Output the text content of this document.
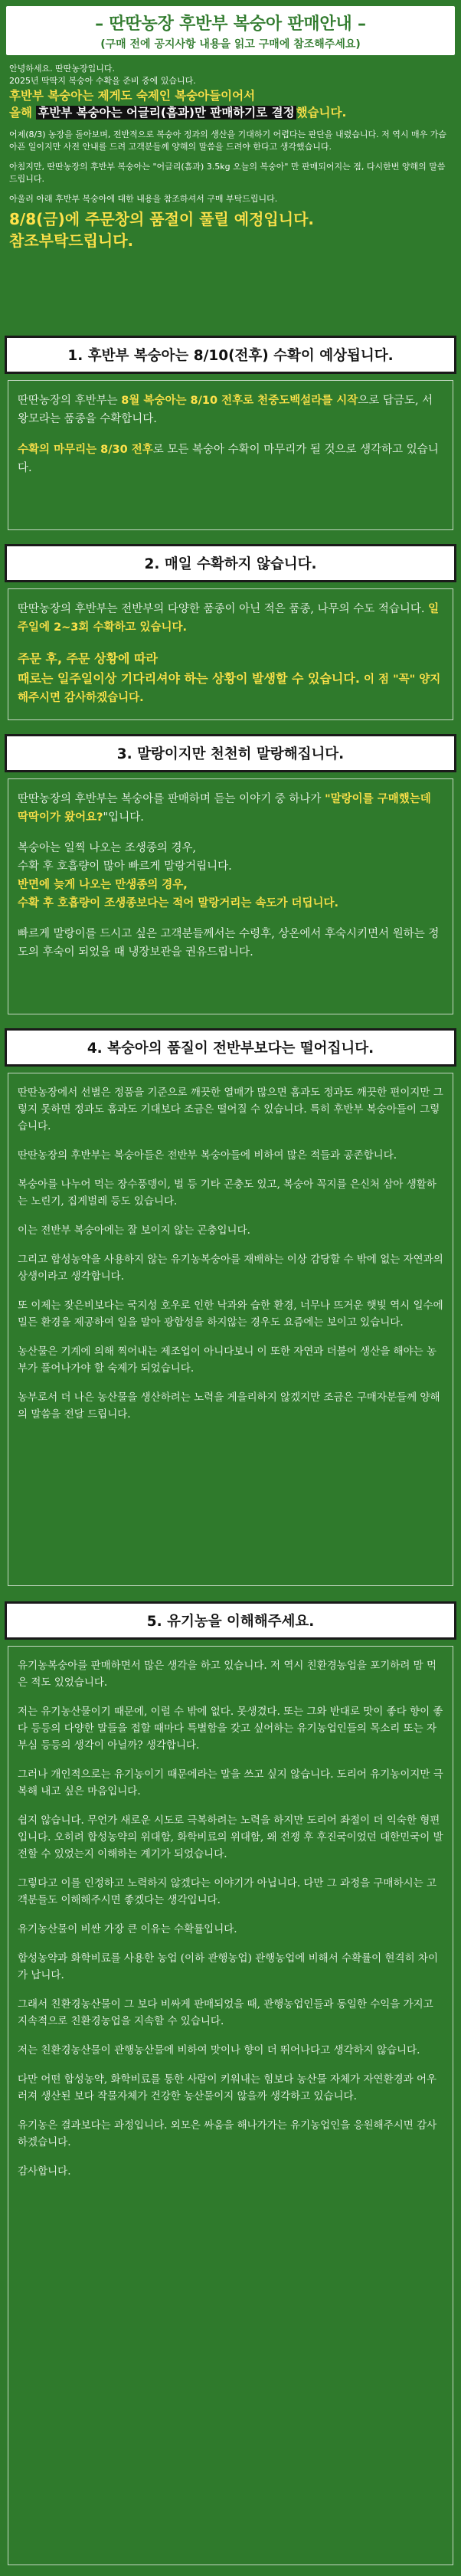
– 딴딴농장 후반부 복숭아 판매안내 –
(구매 전에 공지사항 내용을 읽고 구매에 참조해주세요)

안녕하세요. 딴딴농장입니다.

2025년 딱딱지 복숭아 수확을 준비 중에 있습니다.

후반부 복숭아는 제게도 숙제인 복숭아들이어서

올해 후반부 복숭아는 어글리(흠과)만 판매하기로 결정 했습니다.

어제(8/3) 농장을 돌아보며, 전반적으로 복숭아 정과의 생산을 기대하기 어렵다는 판단을 내렸습니다. 저 역시 매우 가슴 아픈 일이지만 사전 안내를 드려 고객분들께 양해의 말씀을 드려야 한다고 생각했습니다.

아침지만, 딴딴농장의 후반부 복숭아는 "어글리(흠과) 3.5kg 오늘의 복숭아" 만 판매되어지는 점, 다시한번 양해의 말씀드립니다.

아울러 아래 후반부 복숭아에 대한 내용을 참조하셔서 구매 부탁드립니다.

8/8(금)에 주문창의 품절이 풀릴 예정입니다.

참조부탁드립니다.

1. 후반부 복숭아는 8/10(전후) 수확이 예상됩니다.

딴딴농장의 후반부는 8월 복숭아는 8/10 전후로 천중도백설라를 시작으로 답금도, 서왕모라는 품종을 수확합니다.

수확의 마무리는 8/30 전후로 모든 복숭아 수확이 마무리가 될 것으로 생각하고 있습니다.

2. 매일 수확하지 않습니다.

딴딴농장의 후반부는 전반부의 다양한 품종이 아닌 적은 품종, 나무의 수도 적습니다. 일주일에 2~3회 수확하고 있습니다.

주문 후, 주문 상황에 따라
때로는 일주일이상 기다리셔야 하는 상황이 발생할 수 있습니다. 이 점 "꼭" 양지해주시면 감사하겠습니다.

3. 말랑이지만 천천히 말랑해집니다.

딴딴농장의 후반부는 복숭아를 판매하며 듣는 이야기 중 하나가 "말랑이를 구매했는데 딱딱이가 왔어요?"입니다.

복숭아는 일찍 나오는 조생종의 경우,
수확 후 호흡량이 많아 빠르게 말랑거립니다.
반면에 늦게 나오는 만생종의 경우,
수확 후 호흡량이 조생종보다는 적어 말랑거리는 속도가 더딥니다.

빠르게 말랑이를 드시고 싶은 고객분들께서는 수령후, 상온에서 후숙시키면서 원하는 정도의 후숙이 되었을 때 냉장보관을 권유드립니다.

4. 복숭아의 품질이 전반부보다는 떨어집니다.

딴딴농장에서 선별은 정품을 기준으로 깨끗한 열매가 많으면 흠과도 정과도 깨끗한 편이지만 그렇지 못하면 정과도 흠과도 기대보다 조금은 떨어질 수 있습니다. 특히 후반부 복숭아들이 그렇습니다.

딴딴농장의 후반부는 복숭아들은 전반부 복숭아들에 비하여 많은 적들과 공존합니다.

복숭아를 나누어 먹는 장수풍뎅이, 벌 등 기타 곤충도 있고, 복숭아 꼭지를 은신처 삼아 생활하는 노린기, 집게벌레 등도 있습니다.

이는 전반부 복숭아에는 잘 보이지 않는 곤충입니다.

그리고 합성농약을 사용하지 않는 유기농복숭아를 재배하는 이상 감당할 수 밖에 없는 자연과의 상생이라고 생각합니다.

또 이제는 잦은비보다는 국지성 호우로 인한 낙과와 습한 환경, 너무나 뜨거운 햇빛 역시 일수에 밀든 환경을 제공하여 일을 말아 광합성을 하지않는 경우도 요즘에는 보이고 있습니다.

농산물은 기계에 의해 찍어내는 제조업이 아니다보니 이 또한 자연과 더불어 생산을 해야는 농부가 풀어나가야 할 숙제가 되었습니다.

농부로서 더 나은 농산물을 생산하려는 노력을 게을리하지 않겠지만 조금은 구매자분들께 양해의 말씀을 전달 드립니다.

5. 유기농을 이해해주세요.

유기농복숭아를 판매하면서 많은 생각을 하고 있습니다. 저 역시 친환경농업을 포기하려 맘 먹은 적도 있었습니다.

저는 유기농산물이기 때문에, 이럴 수 밖에 없다. 못생겼다. 또는 그와 반대로 맛이 좋다 향이 좋다 등등의 다양한 말들을 접할 때마다 특별함을 갖고 싶어하는 유기농업인들의 목소리 또는 자부심 등등의 생각이 아닐까? 생각합니다.

그러나 개인적으로는 유기농이기 때문에라는 말을 쓰고 싶지 않습니다. 도리어 유기농이지만 극복해 내고 싶은 마음입니다.

쉽지 않습니다. 무언가 새로운 시도로 극복하려는 노력을 하지만 도리어 좌절이 더 익숙한 형편입니다. 오히려 합성농약의 위대함, 화학비료의 위대함, 왜 전쟁 후 후진국이었던 대한민국이 발전할 수 있었는지 이해하는 계기가 되었습니다.

그렇다고 이를 인정하고 노력하지 않겠다는 이야기가 아닙니다. 다만 그 과정을 구매하시는 고객분들도 이해해주시면 좋겠다는 생각입니다.

유기농산물이 비싼 가장 큰 이유는 수확률입니다.

합성농약과 화학비료를 사용한 농업 (이하 관행농업) 관행농업에 비해서 수확률이 현격히 차이가 납니다.

그래서 친환경농산물이 그 보다 비싸게 판매되었을 때, 관행농업인들과 동일한 수익을 가지고 지속적으로 친환경농업을 지속할 수 있습니다.

저는 친환경농산물이 관행농산물에 비하여 맛이나 향이 더 뛰어나다고 생각하지 않습니다.

다만 어떤 합성농약, 화학비료를 통한 사람이 키워내는 힘보다 농산물 자체가 자연환경과 어우러져 생산된 보다 작물자체가 건강한 농산물이지 않을까 생각하고 있습니다.

유기농은 결과보다는 과정입니다. 외모은 싸움을 해나가가는 유기농업인을 응원해주시면 감사하겠습니다.

감사합니다.
